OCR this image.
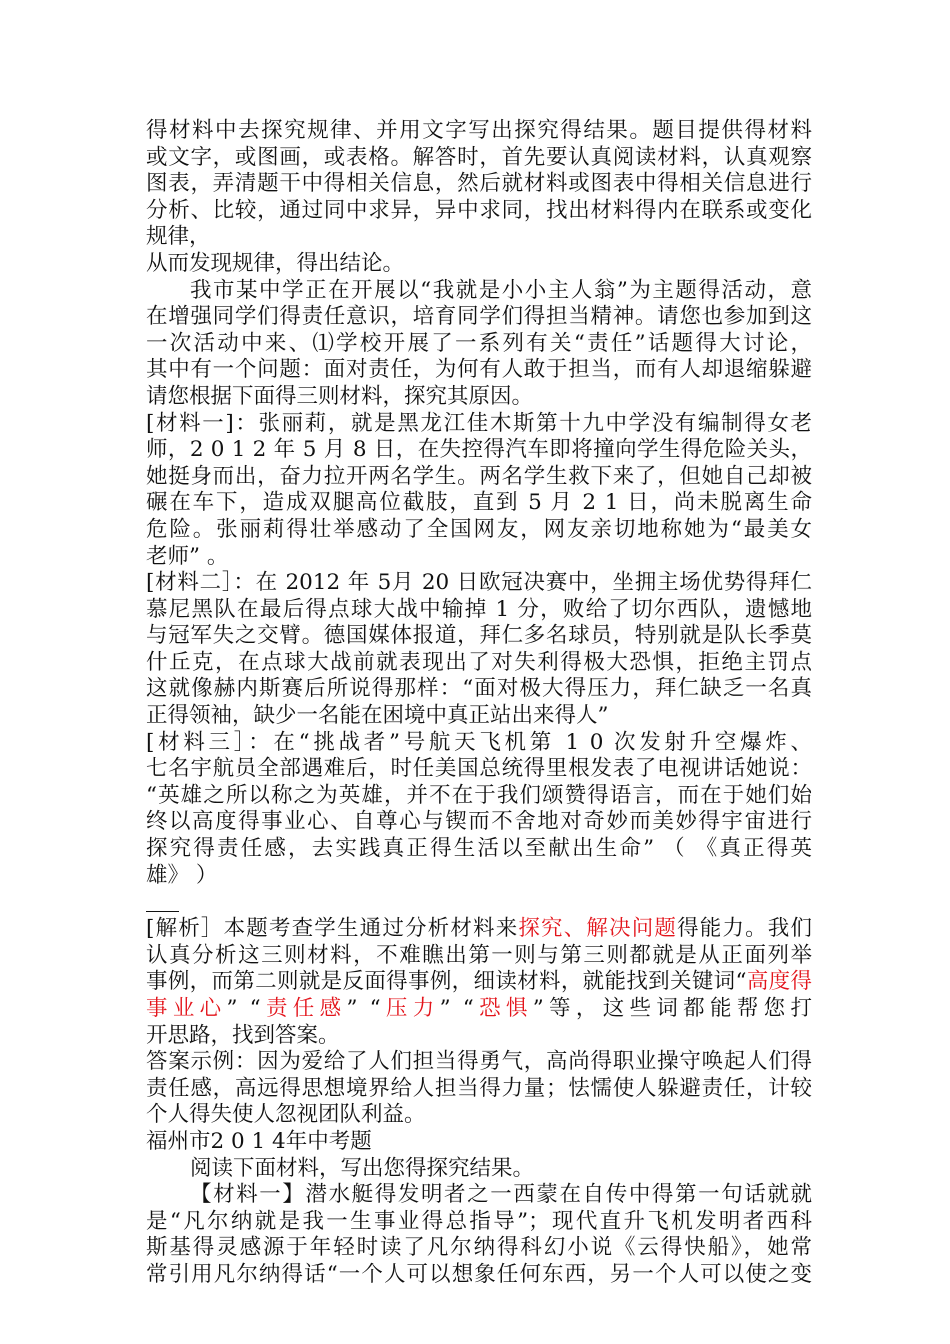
得材料中去探究规律、并用文字写出探究得结果。题目提供得材料
或文字，或图画，或表格。解答时，首先要认真阅读材料，认真观察
图表，弄清题干中得相关信息，然后就材料或图表中得相关信息进行
分析、比较，通过同中求异，异中求同，找出材料得内在联系或变化
规律，
从而发现规律，得出结论。
我市某中学正在开展以“我就是小小主人翁”为主题得活动，意
在增强同学们得责任意识，培育同学们得担当精神。请您也参加到这
一次活动中来、⑴学校开展了一系列有关“责任”话题得大讨论，
其中有一个问题：面对责任，为何有人敢于担当，而有人却退缩躲避
请您根据下面得三则材料，探究其原因。
[材料一]：张丽莉，就是黑龙江佳木斯第十九中学没有编制得女老
师，2 0 1 2 年 5 月 8 日，在失控得汽车即将撞向学生得危险关头，
她挺身而出，奋力拉开两名学生。两名学生救下来了，但她自己却被
碾在车下，造成双腿高位截肢，直到 5 月 2 1 日，尚未脱离生命
危险。张丽莉得壮举感动了全国网友，网友亲切地称她为“最美女
老师” 。
[材料二］：在 2012 年 5月 20 日欧冠决赛中，坐拥主场优势得拜仁
慕尼黑队在最后得点球大战中输掉 1 分，败给了切尔西队，遗憾地
与冠军失之交臂。德国媒体报道，拜仁多名球员，特别就是队长季莫
什丘克，在点球大战前就表现出了对失利得极大恐惧，拒绝主罚点
这就像赫内斯赛后所说得那样：“面对极大得压力，拜仁缺乏一名真
正得领袖，缺少一名能在困境中真正站出来得人”
[材料三］：在“挑战者”号航天飞机第 1 0 次发射升空爆炸、
七名宇航员全部遇难后，时任美国总统得里根发表了电视讲话她说：
“英雄之所以称之为英雄，并不在于我们颂赞得语言，而在于她们始
终以高度得事业心、自尊心与锲而不舍地对奇妙而美妙得宇宙进行
探究得责任感，去实践真正得生活以至献出生命” （ 《真正得英
雄》 ）
[解析］本题考查学生通过分析材料来探究、解决问题得能力。我们
认真分析这三则材料，不难瞧出第一则与第三则都就是从正面列举
事例，而第二则就是反面得事例，细读材料，就能找到关键词“高度得
事业心” “责任感” “压力” “恐惧”等，这些词都能帮您打
开思路，找到答案。
答案示例：因为爱给了人们担当得勇气，高尚得职业操守唤起人们得
责任感，高远得思想境界给人担当得力量；怯懦使人躲避责任，计较
个人得失使人忽视团队利益。
福州市2 0 1 4年中考题
阅读下面材料，写出您得探究结果。
【材料一】潜水艇得发明者之一西蒙在自传中得第一句话就就
是“凡尔纳就是我一生事业得总指导”；现代直升飞机发明者西科
斯基得灵感源于年轻时读了凡尔纳得科幻小说《云得快船》，她常
常引用凡尔纳得话“一个人可以想象任何东西，另一个人可以使之变
